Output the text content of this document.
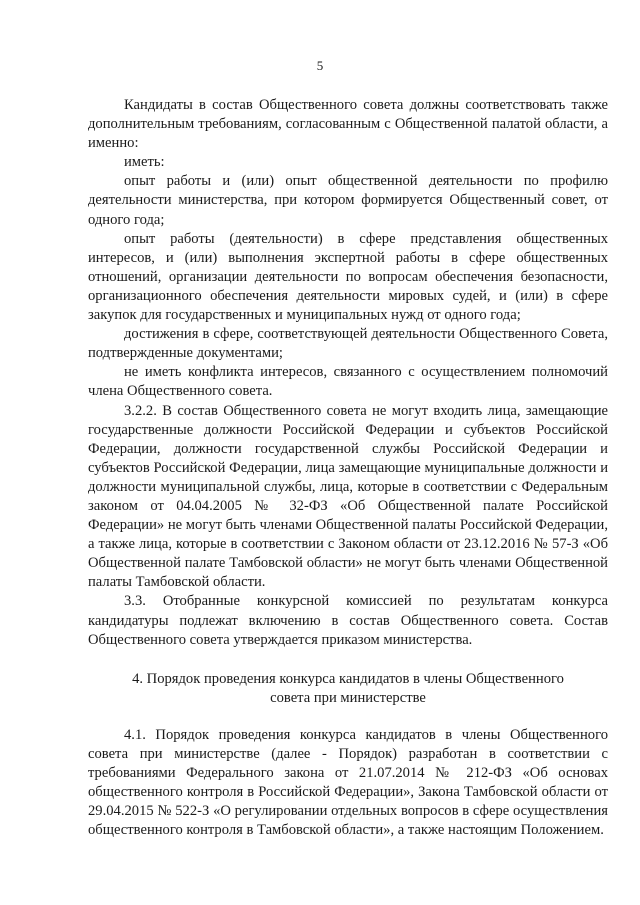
5

Кандидаты в состав Общественного совета должны соответствовать также дополнительным требованиям, согласованным с Общественной палатой области, а именно:

иметь:

опыт работы и (или) опыт общественной деятельности по профилю деятельности министерства, при котором формируется Общественный совет, от одного года;

опыт работы (деятельности) в сфере представления общественных интересов, и (или) выполнения экспертной работы в сфере общественных отношений, организации деятельности по вопросам обеспечения безопасности, организационного обеспечения деятельности мировых судей, и (или) в сфере закупок для государственных и муниципальных нужд от одного года;

достижения в сфере, соответствующей деятельности Общественного Совета, подтвержденные документами;

не иметь конфликта интересов, связанного с осуществлением полномочий члена Общественного совета.

3.2.2. В состав Общественного совета не могут входить лица, замещающие государственные должности Российской Федерации и субъектов Российской Федерации, должности государственной службы Российской Федерации и субъектов Российской Федерации, лица замещающие муниципальные должности и должности муниципальной службы, лица, которые в соответствии с Федеральным законом от 04.04.2005 № 32-ФЗ «Об Общественной палате Российской Федерации» не могут быть членами Общественной палаты Российской Федерации, а также лица, которые в соответствии с Законом области от 23.12.2016 № 57-З «Об Общественной палате Тамбовской области» не могут быть членами Общественной палаты Тамбовской области.

3.3. Отобранные конкурсной комиссией по результатам конкурса кандидатуры подлежат включению в состав Общественного совета. Состав Общественного совета утверждается приказом министерства.

4. Порядок проведения конкурса кандидатов в члены Общественного
совета при министерстве

4.1. Порядок проведения конкурса кандидатов в члены Общественного совета при министерстве (далее - Порядок) разработан в соответствии с требованиями Федерального закона от 21.07.2014 № 212-ФЗ «Об основах общественного контроля в Российской Федерации», Закона Тамбовской области от 29.04.2015 № 522-З «О регулировании отдельных вопросов в сфере осуществления общественного контроля в Тамбовской области», а также настоящим Положением.
